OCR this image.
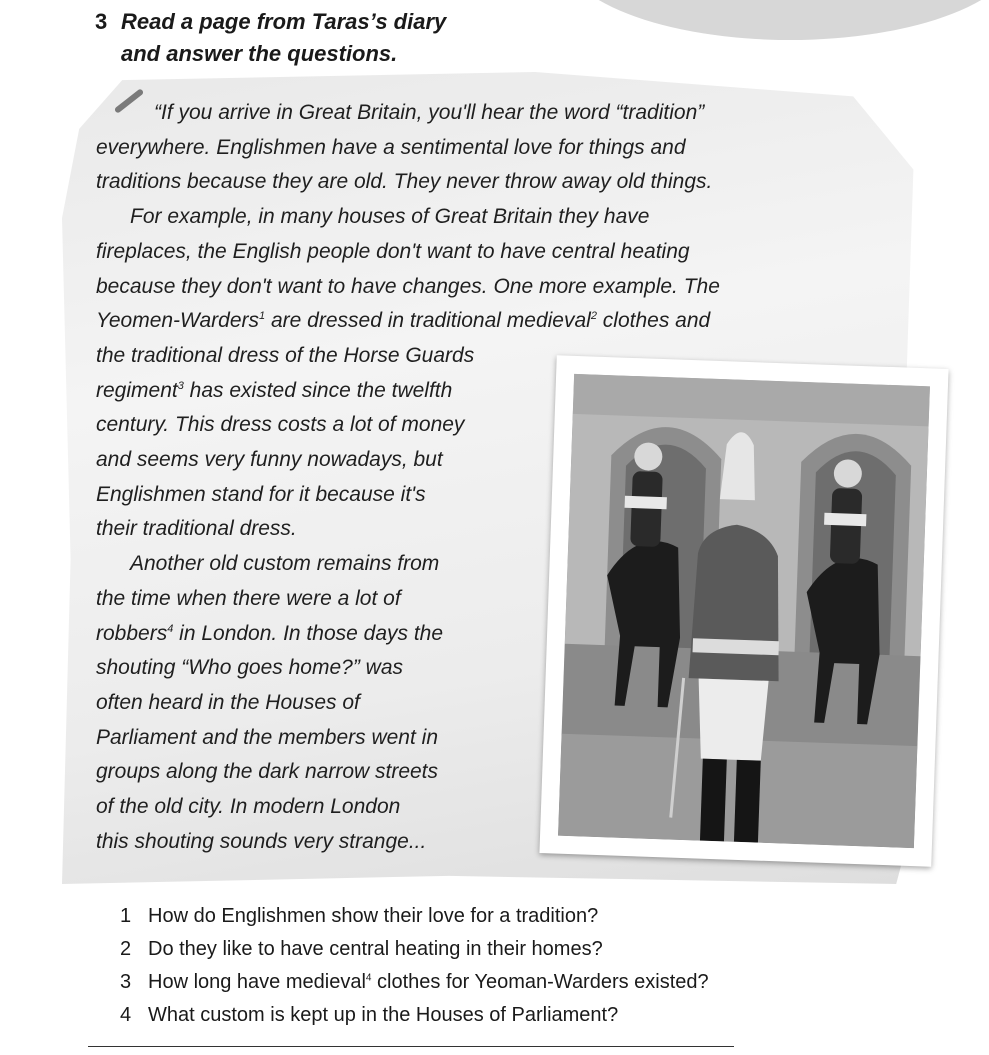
3 Read a page from Taras’s diary
and answer the questions.
“If you arrive in Great Britain, you'll hear the word “tradition”
everywhere. Englishmen have a sentimental love for things and
traditions because they are old. They never throw away old things.
For example, in many houses of Great Britain they have
fireplaces, the English people don't want to have central heating
because they don't want to have changes. One more example. The
Yeomen-Warders$^1$ are dressed in traditional medieval$^2$ clothes and
the traditional dress of the Horse Guards
regiment$^3$ has existed since the twelfth
century. This dress costs a lot of money
and seems very funny nowadays, but
Englishmen stand for it because it's
their traditional dress.
Another old custom remains from
the time when there were a lot of
robbers$^4$ in London. In those days the
shouting “Who goes home?” was
often heard in the Houses of
Parliament and the members went in
groups along the dark narrow streets
of the old city. In modern London
this shouting sounds very strange...
1 How do Englishmen show their love for a tradition?
2 Do they like to have central heating in their homes?
3 How long have medieval$^4$ clothes for Yeoman-Warders existed?
4 What custom is kept up in the Houses of Parliament?
